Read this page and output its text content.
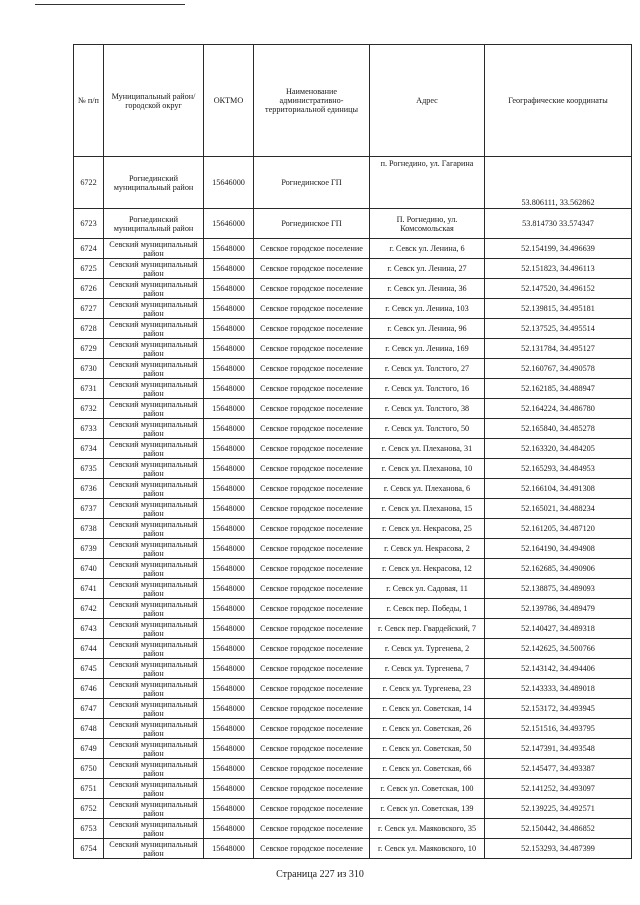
№ п/п	Муниципальный район/городской округ	ОКТМО	Наименование административно-территориальной единицы	Адрес	Географические координаты
6722	Рогнединский муниципальный район	15646000	Рогнединское ГП	п. Рогнедино, ул. Гагарина	53.806111, 33.562862
6723	Рогнединский муниципальный район	15646000	Рогнединское ГП	П. Рогнедино, ул. Комсомольская	53.814730 33.574347
6724	Севский муниципальный район	15648000	Севское городское поселение	г. Севск ул. Ленина, 6	52.154199, 34.496639
6725	Севский муниципальный район	15648000	Севское городское поселение	г. Севск ул. Ленина, 27	52.151823, 34.496113
6726	Севский муниципальный район	15648000	Севское городское поселение	г. Севск ул. Ленина, 36	52.147520, 34.496152
6727	Севский муниципальный район	15648000	Севское городское поселение	г. Севск ул. Ленина, 103	52.139815, 34.495181
6728	Севский муниципальный район	15648000	Севское городское поселение	г. Севск ул. Ленина, 96	52.137525, 34.495514
6729	Севский муниципальный район	15648000	Севское городское поселение	г. Севск ул. Ленина, 169	52.131784, 34.495127
6730	Севский муниципальный район	15648000	Севское городское поселение	г. Севск ул. Толстого, 27	52.160767, 34.490578
6731	Севский муниципальный район	15648000	Севское городское поселение	г. Севск ул. Толстого, 16	52.162185, 34.488947
6732	Севский муниципальный район	15648000	Севское городское поселение	г. Севск ул. Толстого, 38	52.164224, 34.486780
6733	Севский муниципальный район	15648000	Севское городское поселение	г. Севск ул. Толстого, 50	52.165840, 34.485278
6734	Севский муниципальный район	15648000	Севское городское поселение	г. Севск ул. Плеханова, 31	52.163320, 34.484205
6735	Севский муниципальный район	15648000	Севское городское поселение	г. Севск ул. Плеханова, 10	52.165293, 34.484953
6736	Севский муниципальный район	15648000	Севское городское поселение	г. Севск ул. Плеханова, 6	52.166104, 34.491308
6737	Севский муниципальный район	15648000	Севское городское поселение	г. Севск ул. Плеханова, 15	52.165021, 34.488234
6738	Севский муниципальный район	15648000	Севское городское поселение	г. Севск ул. Некрасова, 25	52.161205, 34.487120
6739	Севский муниципальный район	15648000	Севское городское поселение	г. Севск ул. Некрасова, 2	52.164190, 34.494908
6740	Севский муниципальный район	15648000	Севское городское поселение	г. Севск ул. Некрасова, 12	52.162685, 34.490906
6741	Севский муниципальный район	15648000	Севское городское поселение	г. Севск ул. Садовая, 11	52.138875, 34.489093
6742	Севский муниципальный район	15648000	Севское городское поселение	г. Севск пер. Победы, 1	52.139786, 34.489479
6743	Севский муниципальный район	15648000	Севское городское поселение	г. Севск пер. Гвардейский, 7	52.140427, 34.489318
6744	Севский муниципальный район	15648000	Севское городское поселение	г. Севск ул. Тургенева, 2	52.142625, 34.500766
6745	Севский муниципальный район	15648000	Севское городское поселение	г. Севск ул. Тургенева, 7	52.143142, 34.494406
6746	Севский муниципальный район	15648000	Севское городское поселение	г. Севск ул. Тургенева, 23	52.143333, 34.489018
6747	Севский муниципальный район	15648000	Севское городское поселение	г. Севск ул. Советская, 14	52.153172, 34.493945
6748	Севский муниципальный район	15648000	Севское городское поселение	г. Севск ул. Советская, 26	52.151516, 34.493795
6749	Севский муниципальный район	15648000	Севское городское поселение	г. Севск ул. Советская, 50	52.147391, 34.493548
6750	Севский муниципальный район	15648000	Севское городское поселение	г. Севск ул. Советская, 66	52.145477, 34.493387
6751	Севский муниципальный район	15648000	Севское городское поселение	г. Севск ул. Советская, 100	52.141252, 34.493097
6752	Севский муниципальный район	15648000	Севское городское поселение	г. Севск ул. Советская, 139	52.139225, 34.492571
6753	Севский муниципальный район	15648000	Севское городское поселение	г. Севск ул. Маяковского, 35	52.150442, 34.486852
6754	Севский муниципальный район	15648000	Севское городское поселение	г. Севск ул. Маяковского, 10	52.153293, 34.487399
Страница 227 из 310
